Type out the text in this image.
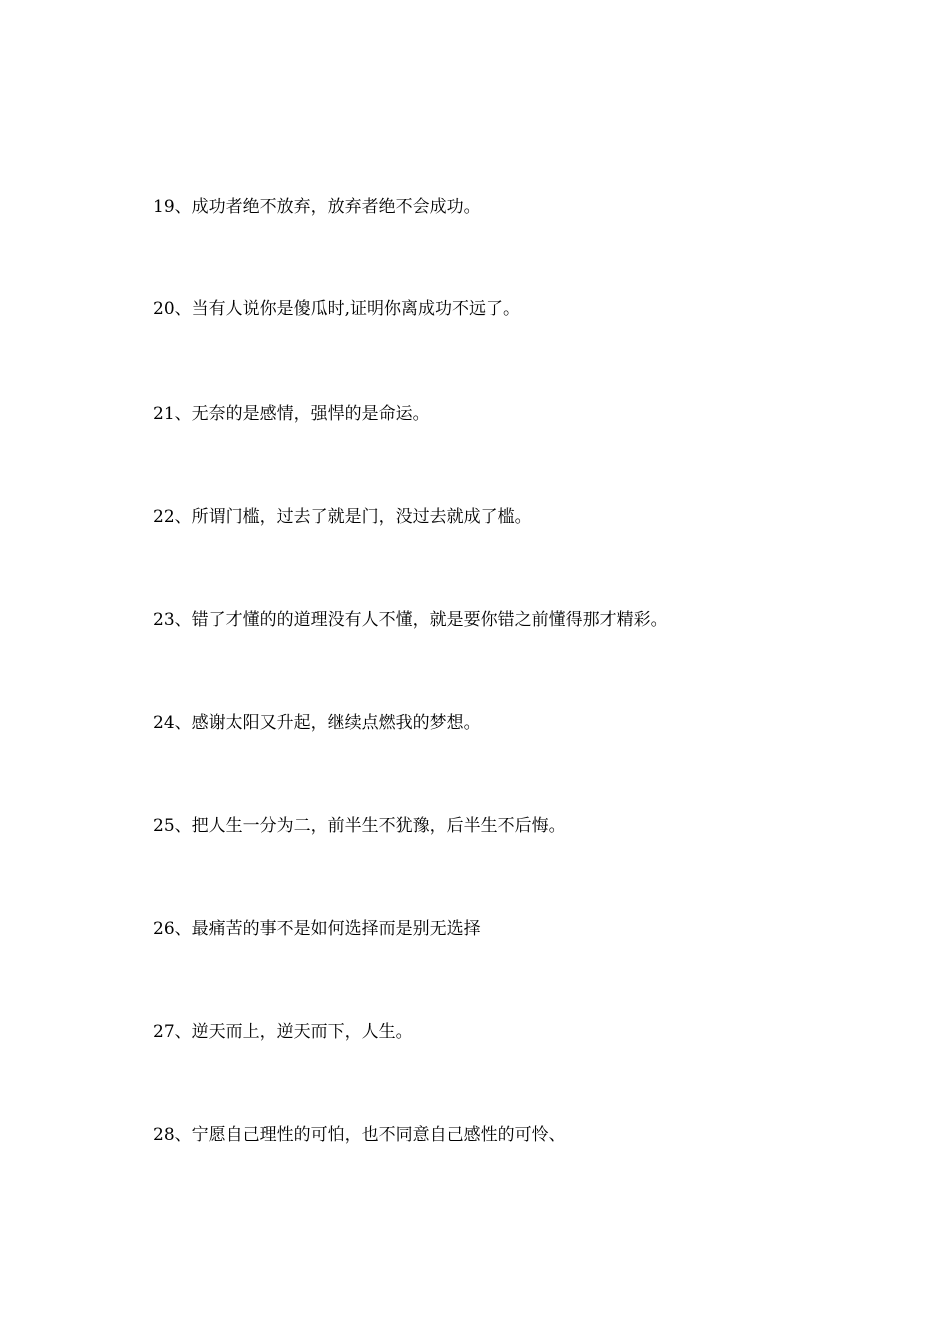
19、成功者绝不放弃，放弃者绝不会成功。
20、当有人说你是傻瓜时,证明你离成功不远了。
21、无奈的是感情，强悍的是命运。
22、所谓门槛，过去了就是门，没过去就成了槛。
23、错了才懂的的道理没有人不懂，就是要你错之前懂得那才精彩。
24、感谢太阳又升起，继续点燃我的梦想。
25、把人生一分为二，前半生不犹豫，后半生不后悔。
26、最痛苦的事不是如何选择而是别无选择
27、逆天而上，逆天而下，人生。
28、宁愿自己理性的可怕，也不同意自己感性的可怜、
